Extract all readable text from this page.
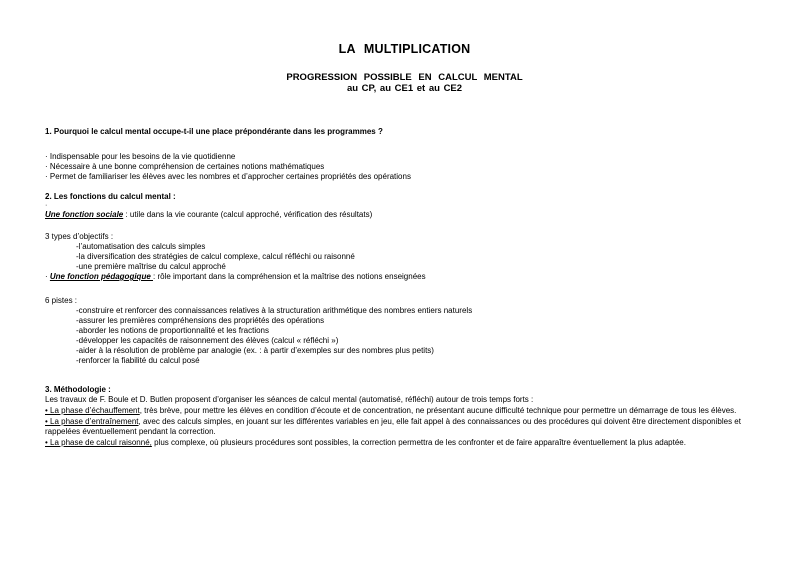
LA MULTIPLICATION

PROGRESSION POSSIBLE EN CALCUL MENTAL

au CP, au CE1 et au CE2

1. Pourquoi le calcul mental occupe-t-il une place prépondérante dans les programmes ?

· Indispensable pour les besoins de la vie quotidienne

· Nécessaire à une bonne compréhension de certaines notions mathématiques

· Permet de familiariser les élèves avec les nombres et d’approcher certaines propriétés des opérations

2. Les fonctions du calcul mental :

·

Une fonction sociale : utile dans la vie courante (calcul approché, vérification des résultats)

3 types d’objectifs :

-l’automatisation des calculs simples

-la diversification des stratégies de calcul complexe, calcul réfléchi ou raisonné

-une première maîtrise du calcul approché

· Une fonction pédagogique : rôle important dans la compréhension et la maîtrise des notions enseignées

6 pistes :

-construire et renforcer des connaissances relatives à la structuration arithmétique des nombres entiers naturels

-assurer les premières compréhensions des propriétés des opérations

-aborder les notions de proportionnalité et les fractions

-développer les capacités de raisonnement des élèves (calcul « réfléchi »)

-aider à la résolution de problème par analogie (ex. : à partir d’exemples sur des nombres plus petits)

-renforcer la fiabilité du calcul posé

3. Méthodologie :

Les travaux de F. Boule et D. Butlen proposent d’organiser les séances de calcul mental (automatisé, réfléchi) autour de trois temps forts :

• La phase d’échauffement, très brève, pour mettre les élèves en condition d’écoute et de concentration, ne présentant aucune difficulté technique pour permettre un démarrage de tous les élèves.

• La phase d’entraînement, avec des calculs simples, en jouant sur les différentes variables en jeu, elle fait appel à des connaissances ou des procédures qui doivent être directement disponibles et rappelées éventuellement pendant la correction.

• La phase de calcul raisonné, plus complexe, où plusieurs procédures sont possibles, la correction permettra de les confronter et de faire apparaître éventuellement la plus adaptée.
